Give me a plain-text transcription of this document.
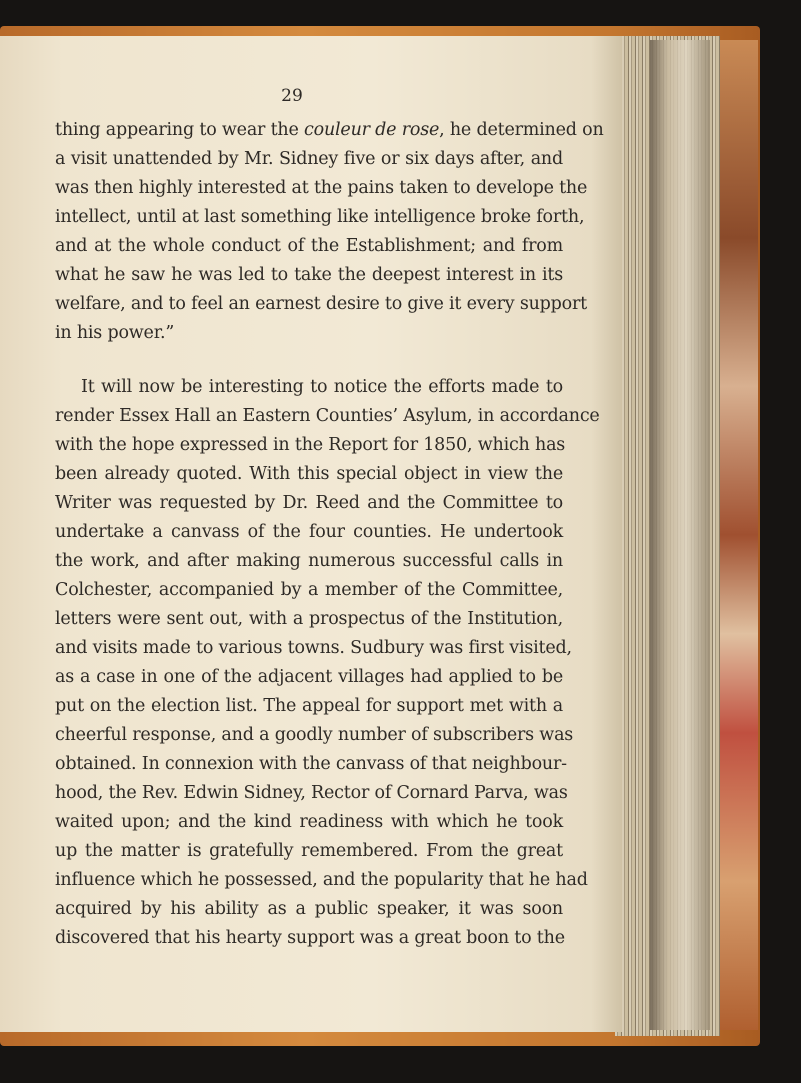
29
thing appearing to wear the couleur de rose, he determined on
a visit unattended by Mr. Sidney five or six days after, and
was then highly interested at the pains taken to develope the
intellect, until at last something like intelligence broke forth,
and at the whole conduct of the Establishment; and from
what he saw he was led to take the deepest interest in its
welfare, and to feel an earnest desire to give it every support
in his power.”
It will now be interesting to notice the efforts made to
render Essex Hall an Eastern Counties’ Asylum, in accordance
with the hope expressed in the Report for 1850, which has
been already quoted. With this special object in view the
Writer was requested by Dr. Reed and the Committee to
undertake a canvass of the four counties. He undertook
the work, and after making numerous successful calls in
Colchester, accompanied by a member of the Committee,
letters were sent out, with a prospectus of the Institution,
and visits made to various towns. Sudbury was first visited,
as a case in one of the adjacent villages had applied to be
put on the election list. The appeal for support met with a
cheerful response, and a goodly number of subscribers was
obtained. In connexion with the canvass of that neighbour-
hood, the Rev. Edwin Sidney, Rector of Cornard Parva, was
waited upon; and the kind readiness with which he took
up the matter is gratefully remembered. From the great
influence which he possessed, and the popularity that he had
acquired by his ability as a public speaker, it was soon
discovered that his hearty support was a great boon to the
